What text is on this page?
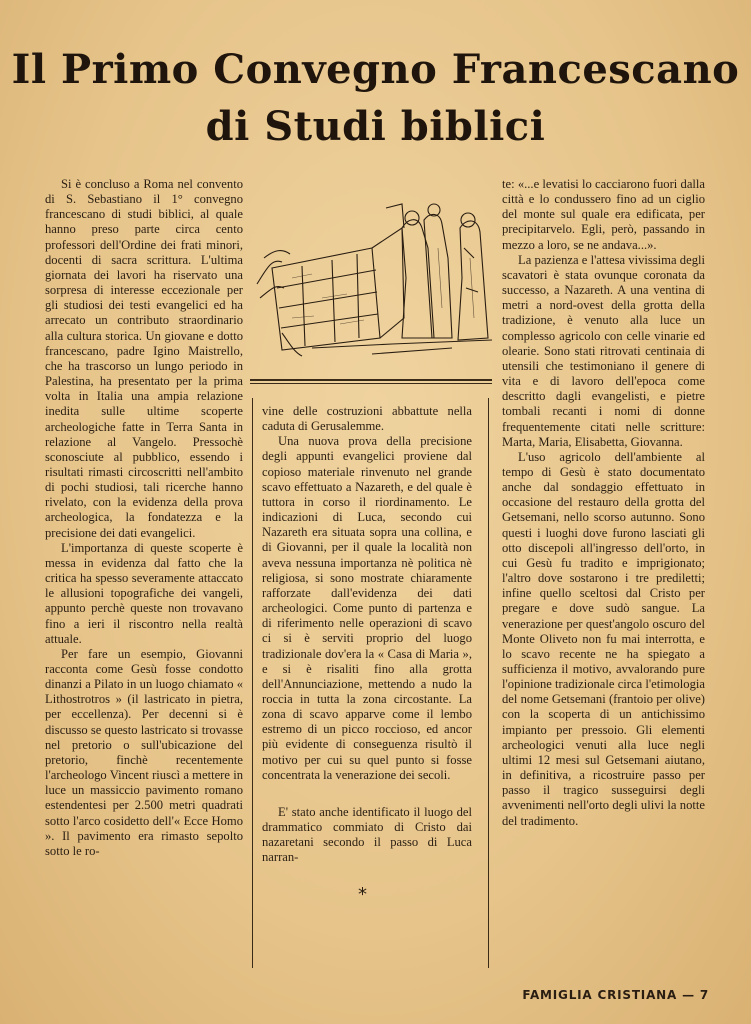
Il Primo Convegno Francescano
di Studi biblici

Si è concluso a Roma nel convento di S. Sebastiano il 1° convegno francescano di studi biblici, al quale hanno preso parte circa cento professori dell'Ordine dei frati minori, docenti di sacra scrittura. L'ultima giornata dei lavori ha riservato una sorpresa di interesse eccezionale per gli studiosi dei testi evangelici ed ha arrecato un contributo straordinario alla cultura storica. Un giovane e dotto francescano, padre Igino Maistrello, che ha trascorso un lungo periodo in Palestina, ha presentato per la prima volta in Italia una ampia relazione inedita sulle ultime scoperte archeologiche fatte in Terra Santa in relazione al Vangelo. Pressochè sconosciute al pubblico, essendo i risultati rimasti circoscritti nell'ambito di pochi studiosi, tali ricerche hanno rivelato, con la evidenza della prova archeologica, la fondatezza e la precisione dei dati evangelici.

L'importanza di queste scoperte è messa in evidenza dal fatto che la critica ha spesso severamente attaccato le allusioni topografiche dei vangeli, appunto perchè queste non trovavano fino a ieri il riscontro nella realtà attuale.

Per fare un esempio, Giovanni racconta come Gesù fosse condotto dinanzi a Pilato in un luogo chiamato « Lithostrotros » (il lastricato in pietra, per eccellenza). Per decenni si è discusso se questo lastricato si trovasse nel pretorio o sull'ubicazione del pretorio, finchè recentemente l'archeologo Vincent riuscì a mettere in luce un massiccio pavimento romano estendentesi per 2.500 metri quadrati sotto l'arco cosidetto dell'« Ecce Homo ». Il pavimento era rimasto sepolto sotto le ro-

vine delle costruzioni abbattute nella caduta di Gerusalemme.

Una nuova prova della precisione degli appunti evangelici proviene dal copioso materiale rinvenuto nel grande scavo effettuato a Nazareth, e del quale è tuttora in corso il riordinamento. Le indicazioni di Luca, secondo cui Nazareth era situata sopra una collina, e di Giovanni, per il quale la località non aveva nessuna importanza nè politica nè religiosa, si sono mostrate chiaramente rafforzate dall'evidenza dei dati archeologici. Come punto di partenza e di riferimento nelle operazioni di scavo ci si è serviti proprio del luogo tradizionale dov'era la « Casa di Maria », e si è risaliti fino alla grotta dell'Annunciazione, mettendo a nudo la roccia in tutta la zona circostante. La zona di scavo apparve come il lembo estremo di un picco roccioso, ed ancor più evidente di conseguenza risultò il motivo per cui su quel punto si fosse concentrata la venerazione dei secoli.

E' stato anche identificato il luogo del drammatico commiato di Cristo dai nazaretani secondo il passo di Luca narran-

*

te: «...e levatisi lo cacciarono fuori dalla città e lo condussero fino ad un ciglio del monte sul quale era edificata, per precipitarvelo. Egli, però, passando in mezzo a loro, se ne andava...».

La pazienza e l'attesa vivissima degli scavatori è stata ovunque coronata da successo, a Nazareth. A una ventina di metri a nord-ovest della grotta della tradizione, è venuto alla luce un complesso agricolo con celle vinarie ed olearie. Sono stati ritrovati centinaia di utensili che testimoniano il genere di vita e di lavoro dell'epoca come descritto dagli evangelisti, e pietre tombali recanti i nomi di donne frequentemente citati nelle scritture: Marta, Maria, Elisabetta, Giovanna.

L'uso agricolo dell'ambiente al tempo di Gesù è stato documentato anche dal sondaggio effettuato in occasione del restauro della grotta del Getsemani, nello scorso autunno. Sono questi i luoghi dove furono lasciati gli otto discepoli all'ingresso dell'orto, in cui Gesù fu tradito e imprigionato; l'altro dove sostarono i tre prediletti; infine quello sceltosi dal Cristo per pregare e dove sudò sangue. La venerazione per quest'angolo oscuro del Monte Oliveto non fu mai interrotta, e lo scavo recente ne ha spiegato a sufficienza il motivo, avvalorando pure l'opinione tradizionale circa l'etimologia del nome Getsemani (frantoio per olive) con la scoperta di un antichissimo impianto per pressoio. Gli elementi archeologici venuti alla luce negli ultimi 12 mesi sul Getsemani aiutano, in definitiva, a ricostruire passo per passo il tragico susseguirsi degli avvenimenti nell'orto degli ulivi la notte del tradimento.

FAMIGLIA CRISTIANA — 7
